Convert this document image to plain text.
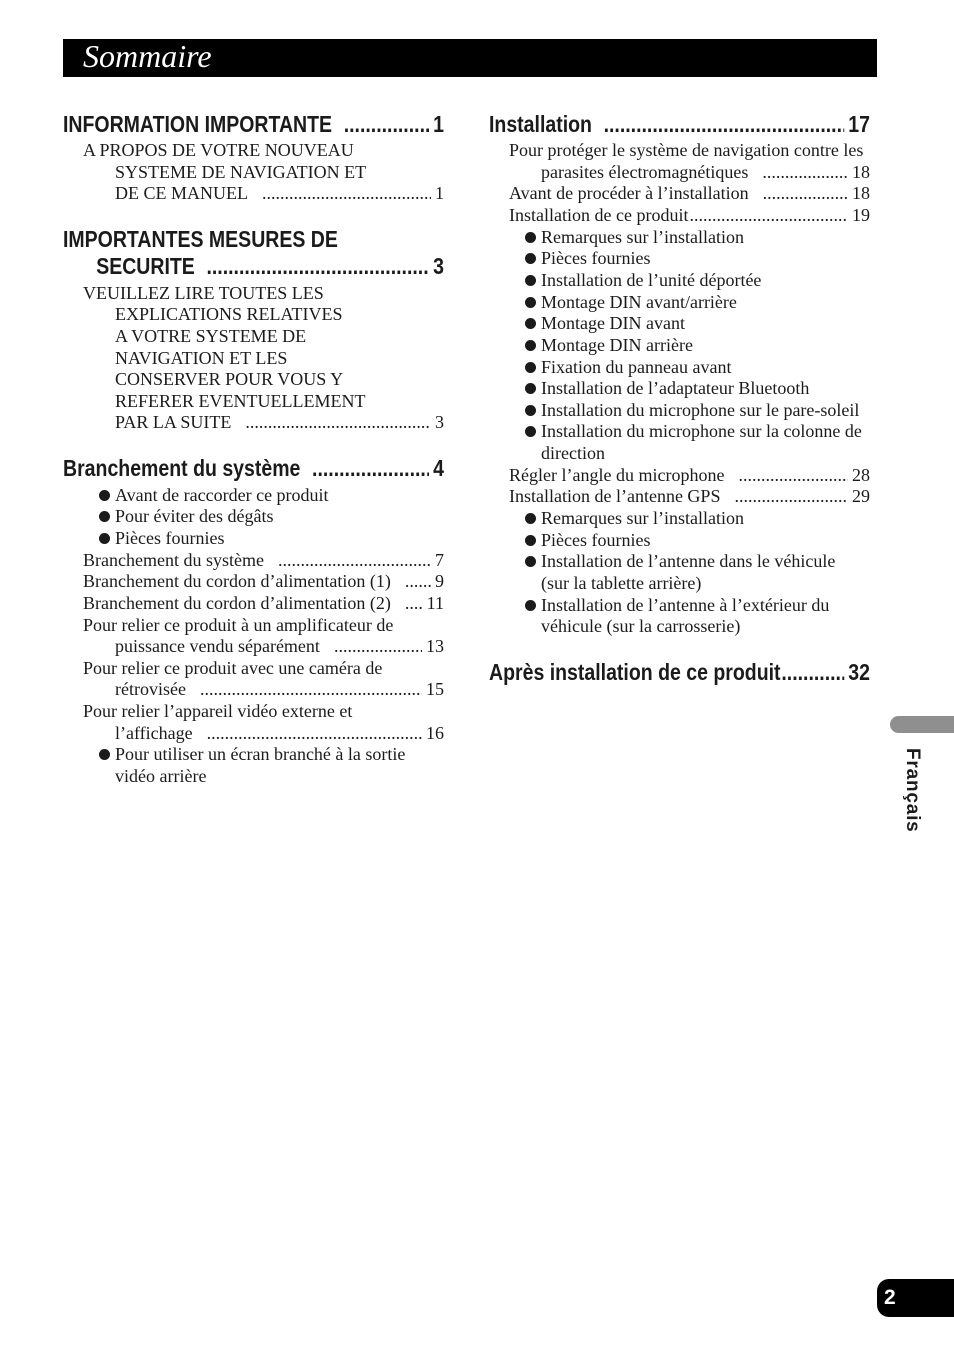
Sommaire
INFORMATION IMPORTANTE .....	1
A PROPOS DE VOTRE NOUVEAU
SYSTEME DE NAVIGATION ET
DE CE MANUEL .....	1
IMPORTANTES MESURES DE
SECURITE .....	3
VEUILLEZ LIRE TOUTES LES
EXPLICATIONS RELATIVES
A VOTRE SYSTEME DE
NAVIGATION ET LES
CONSERVER POUR VOUS Y
REFERER EVENTUELLEMENT
PAR LA SUITE .....	3
Branchement du système .....	4
Avant de raccorder ce produit
Pour éviter des dégâts
Pièces fournies
Branchement du système .....	7
Branchement du cordon d’alimentation (1) ..... 9
Branchement du cordon d’alimentation (2) ..... 11
Pour relier ce produit à un amplificateur de
puissance vendu séparément .....	13
Pour relier ce produit avec une caméra de
rétrovisée .....	15
Pour relier l’appareil vidéo externe et
l’affichage .....	16
Pour utiliser un écran branché à la sortie
vidéo arrière
Installation .....	17
Pour protéger le système de navigation contre les
parasites électromagnétiques .....	18
Avant de procéder à l’installation .....	18
Installation de ce produit .....	19
Remarques sur l’installation
Pièces fournies
Installation de l’unité déportée
Montage DIN avant/arrière
Montage DIN avant
Montage DIN arrière
Fixation du panneau avant
Installation de l’adaptateur Bluetooth
Installation du microphone sur le pare-soleil
Installation du microphone sur la colonne de
direction
Régler l’angle du microphone .....	28
Installation de l’antenne GPS .....	29
Remarques sur l’installation
Pièces fournies
Installation de l’antenne dans le véhicule
(sur la tablette arrière)
Installation de l’antenne à l’extérieur du
véhicule (sur la carrosserie)
Après installation de ce produit .....	32
Français
2
